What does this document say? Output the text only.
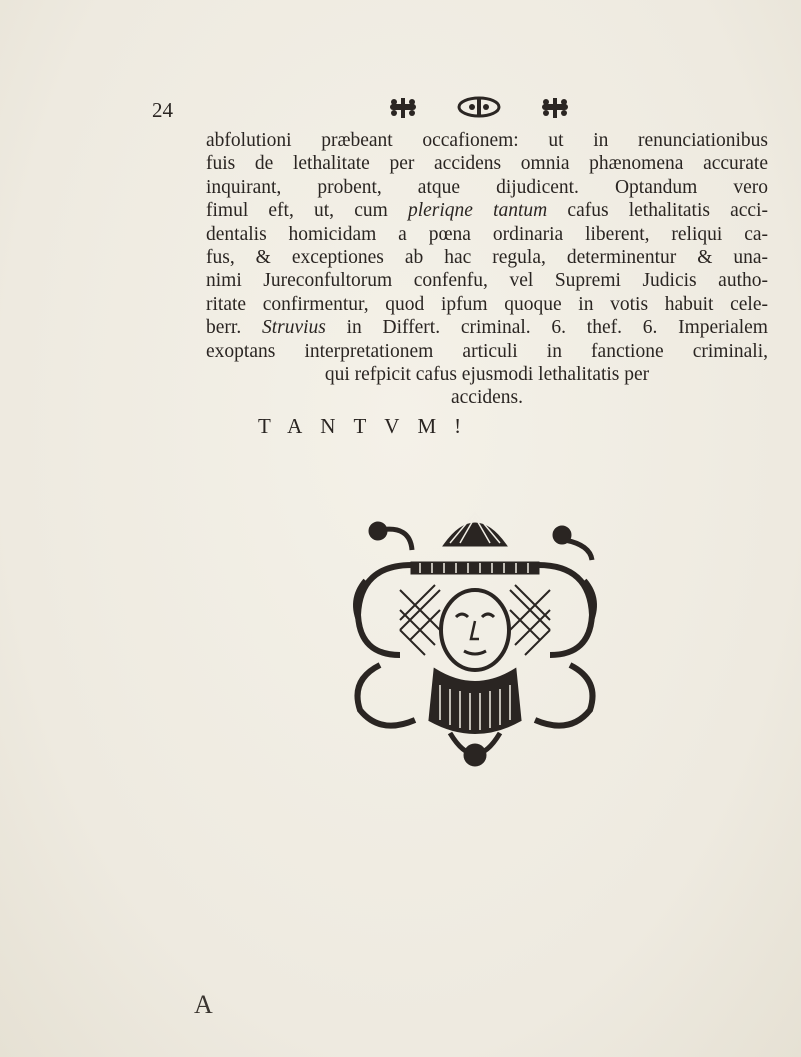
24
abfolutioni præbeant occafionem: ut in renunciationibus
fuis de lethalitate per accidens omnia phænomena accurate
inquirant, probent, atque dijudicent. Optandum vero
fimul eft, ut, cum pleriqne tantum cafus lethalitatis acci-
dentalis homicidam a pœna ordinaria liberent, reliqui ca-
fus, & exceptiones ab hac regula, determinentur & una-
nimi Jureconfultorum confenfu, vel Supremi Judicis autho-
ritate confirmentur, quod ipfum quoque in votis habuit cele-
berr. Struvius in Differt. criminal. 6. thef. 6. Imperialem
exoptans interpretationem articuli in fanctione criminali,
qui refpicit cafus ejusmodi lethalitatis per
accidens.
TANTVM!
A
